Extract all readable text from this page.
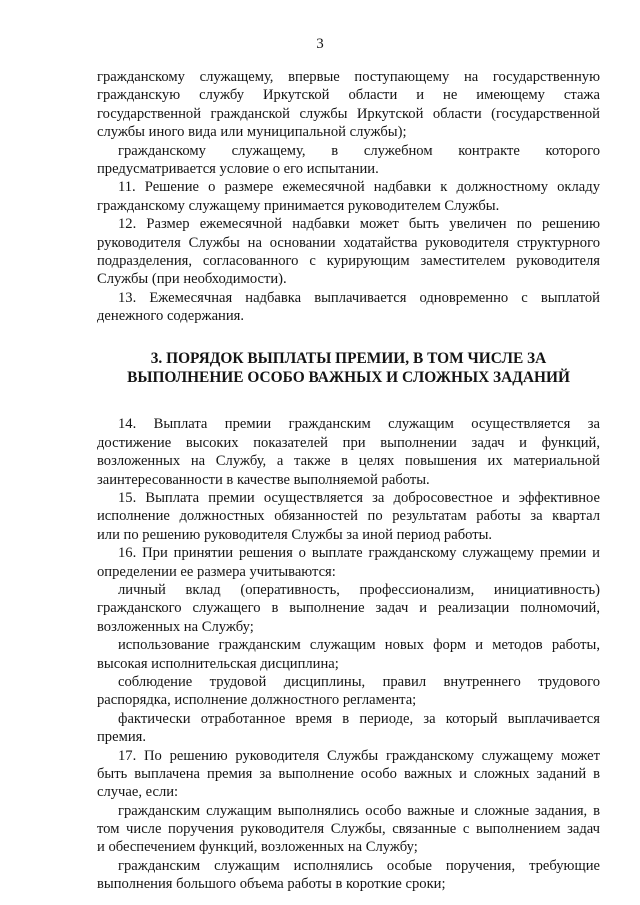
3
гражданскому служащему, впервые поступающему на государственную
гражданскую службу Иркутской области и не имеющему стажа
государственной гражданской службы Иркутской области (государственной
службы иного вида или муниципальной службы);
гражданскому служащему, в служебном контракте которого
предусматривается условие о его испытании.
11. Решение о размере ежемесячной надбавки к должностному окладу
гражданскому служащему принимается руководителем Службы.
12. Размер ежемесячной надбавки может быть увеличен по решению
руководителя Службы на основании ходатайства руководителя структурного
подразделения, согласованного с курирующим заместителем руководителя
Службы (при необходимости).
13. Ежемесячная надбавка выплачивается одновременно с выплатой
денежного содержания.
3. ПОРЯДОК ВЫПЛАТЫ ПРЕМИИ, В ТОМ ЧИСЛЕ ЗА
ВЫПОЛНЕНИЕ ОСОБО ВАЖНЫХ И СЛОЖНЫХ ЗАДАНИЙ
14. Выплата премии гражданским служащим осуществляется за
достижение высоких показателей при выполнении задач и функций,
возложенных на Службу, а также в целях повышения их материальной
заинтересованности в качестве выполняемой работы.
15. Выплата премии осуществляется за добросовестное и эффективное
исполнение должностных обязанностей по результатам работы за квартал
или по решению руководителя Службы за иной период работы.
16. При принятии решения о выплате гражданскому служащему премии и
определении ее размера учитываются:
личный вклад (оперативность, профессионализм, инициативность)
гражданского служащего в выполнение задач и реализации полномочий,
возложенных на Службу;
использование гражданским служащим новых форм и методов работы,
высокая исполнительская дисциплина;
соблюдение трудовой дисциплины, правил внутреннего трудового
распорядка, исполнение должностного регламента;
фактически отработанное время в периоде, за который выплачивается
премия.
17. По решению руководителя Службы гражданскому служащему может
быть выплачена премия за выполнение особо важных и сложных заданий в
случае, если:
гражданским служащим выполнялись особо важные и сложные задания, в
том числе поручения руководителя Службы, связанные с выполнением задач
и обеспечением функций, возложенных на Службу;
гражданским служащим исполнялись особые поручения, требующие
выполнения большого объема работы в короткие сроки;
